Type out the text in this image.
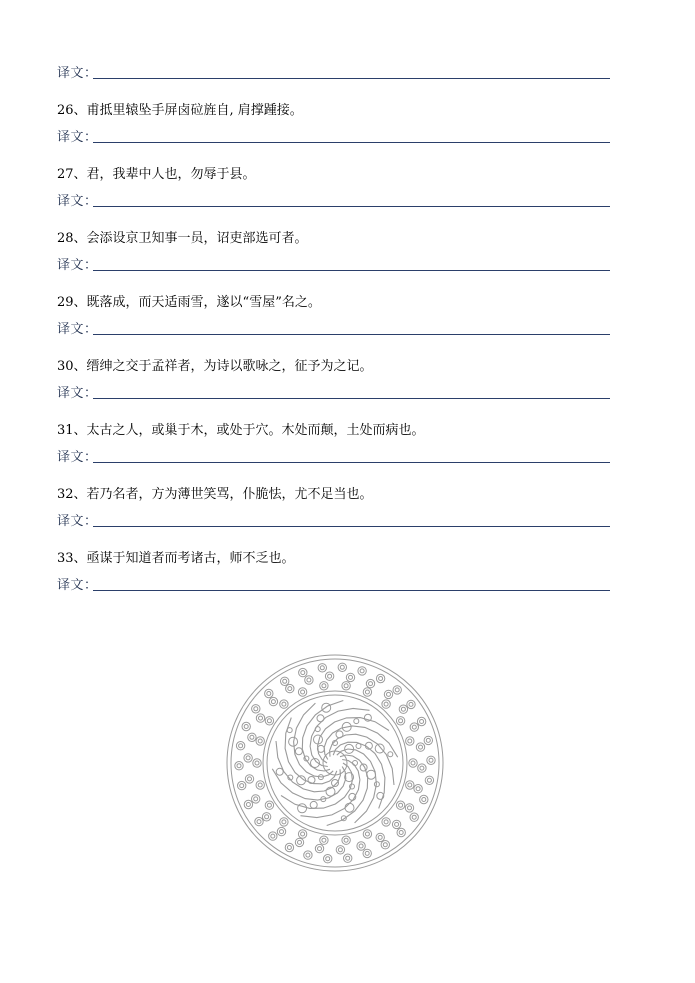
译文：
26、甫抵里辕坠手屏卤砬旌自, 肩撑踵接。
译文：
27、君，我辈中人也，勿辱于县。
译文：
28、会添设京卫知事一员，诏吏部选可者。
译文：
29、既落成，而天适雨雪，遂以“雪屋”名之。
译文：
30、缙绅之交于孟祥者，为诗以歌咏之，征予为之记。
译文：
31、太古之人，或巢于木，或处于穴。木处而颠，土处而病也。
译文：
32、若乃名者，方为薄世笑骂，仆脆怯，尤不足当也。
译文：
33、亟谋于知道者而考诸古，师不乏也。
译文：
